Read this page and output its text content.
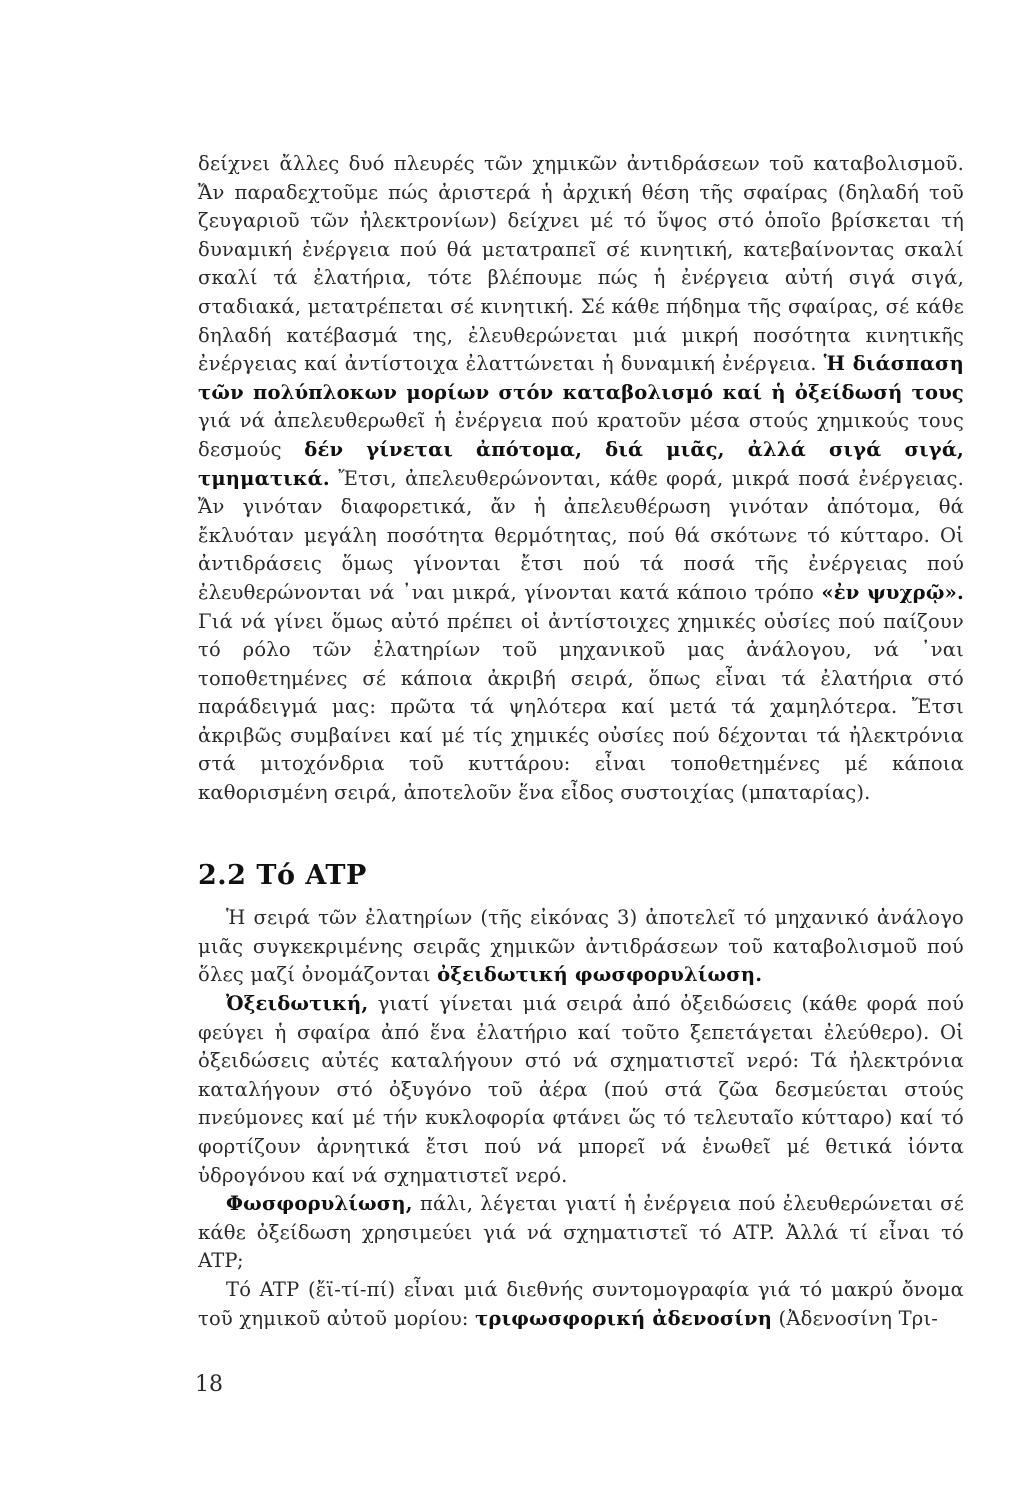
δείχνει ἄλλες δυό πλευρές τῶν χημικῶν ἀντιδράσεων τοῦ καταβολισμοῦ. Ἄν παραδεχτοῦμε πώς ἀριστερά ἡ ἀρχική θέση τῆς σφαίρας (δηλαδή τοῦ ζευγαριοῦ τῶν ἠλεκτρονίων) δείχνει μέ τό ὕψος στό ὁποῖο βρίσκεται τή δυναμική ἐνέργεια πού θά μετατραπεῖ σέ κινητική, κατεβαίνοντας σκαλί σκαλί τά ἐλατήρια, τότε βλέπουμε πώς ἡ ἐνέργεια αὐτή σιγά σιγά, σταδιακά, μετατρέπεται σέ κινητική. Σέ κάθε πήδημα τῆς σφαίρας, σέ κάθε δηλαδή κατέβασμά της, ἐλευθερώνεται μιά μικρή ποσότητα κινητικῆς ἐνέργειας καί ἀντίστοιχα ἐλαττώνεται ἡ δυναμική ἐνέργεια. Ἡ διάσπαση τῶν πολύπλοκων μορίων στόν καταβολισμό καί ἡ ὀξείδωσή τους γιά νά ἀπελευθερωθεῖ ἡ ἐνέργεια πού κρατοῦν μέσα στούς χημικούς τους δεσμούς δέν γίνεται ἀπότομα, διά μιᾶς, ἀλλά σιγά σιγά, τμηματικά. Ἔτσι, ἀπελευθερώνονται, κάθε φορά, μικρά ποσά ἐνέργειας. Ἄν γινόταν διαφορετικά, ἄν ἡ ἀπελευθέρωση γινόταν ἀπότομα, θά ἔκλυόταν μεγάλη ποσότητα θερμότητας, πού θά σκότωνε τό κύτταρο. Οἱ ἀντιδράσεις ὅμως γίνονται ἔτσι πού τά ποσά τῆς ἐνέργειας πού ἐλευθερώνονται νά ᾿ναι μικρά, γίνονται κατά κάποιο τρόπο «ἐν ψυχρῷ». Γιά νά γίνει ὅμως αὐτό πρέπει οἱ ἀντίστοιχες χημικές οὐσίες πού παίζουν τό ρόλο τῶν ἐλατηρίων τοῦ μηχανικοῦ μας ἀνάλογου, νά ᾿ναι τοποθετημένες σέ κάποια ἀκριβή σειρά, ὅπως εἶναι τά ἐλατήρια στό παράδειγμά μας: πρῶτα τά ψηλότερα καί μετά τά χαμηλότερα. Ἔτσι ἀκριβῶς συμβαίνει καί μέ τίς χημικές οὐσίες πού δέχονται τά ἠλεκτρόνια στά μιτοχόνδρια τοῦ κυττάρου: εἶναι τοποθετημένες μέ κάποια καθορισμένη σειρά, ἀποτελοῦν ἕνα εἶδος συστοιχίας (μπαταρίας).

2.2 Τό ATP

Ἡ σειρά τῶν ἐλατηρίων (τῆς εἰκόνας 3) ἀποτελεῖ τό μηχανικό ἀνάλογο μιᾶς συγκεκριμένης σειρᾶς χημικῶν ἀντιδράσεων τοῦ καταβολισμοῦ πού ὅλες μαζί ὀνομάζονται ὀξειδωτική φωσφορυλίωση.

Ὀξειδωτική, γιατί γίνεται μιά σειρά ἀπό ὀξειδώσεις (κάθε φορά πού φεύγει ἡ σφαίρα ἀπό ἕνα ἐλατήριο καί τοῦτο ξεπετάγεται ἐλεύθερο). Οἱ ὀξειδώσεις αὐτές καταλήγουν στό νά σχηματιστεῖ νερό: Τά ἠλεκτρόνια καταλήγουν στό ὀξυγόνο τοῦ ἀέρα (πού στά ζῶα δεσμεύεται στούς πνεύμονες καί μέ τήν κυκλοφορία φτάνει ὥς τό τελευταῖο κύτταρο) καί τό φορτίζουν ἀρνητικά ἔτσι πού νά μπορεῖ νά ἑνωθεῖ μέ θετικά ἰόντα ὑδρογόνου καί νά σχηματιστεῖ νερό.

Φωσφορυλίωση, πάλι, λέγεται γιατί ἡ ἐνέργεια πού ἐλευθερώνεται σέ κάθε ὀξείδωση χρησιμεύει γιά νά σχηματιστεῖ τό ATP. Ἀλλά τί εἶναι τό ATP;

Τό ATP (ἔϊ-τί-πί) εἶναι μιά διεθνής συντομογραφία γιά τό μακρύ ὄνομα τοῦ χημικοῦ αὐτοῦ μορίου: τριφωσφορική ἀδενοσίνη (Ἀδενοσίνη Τρι-

18
